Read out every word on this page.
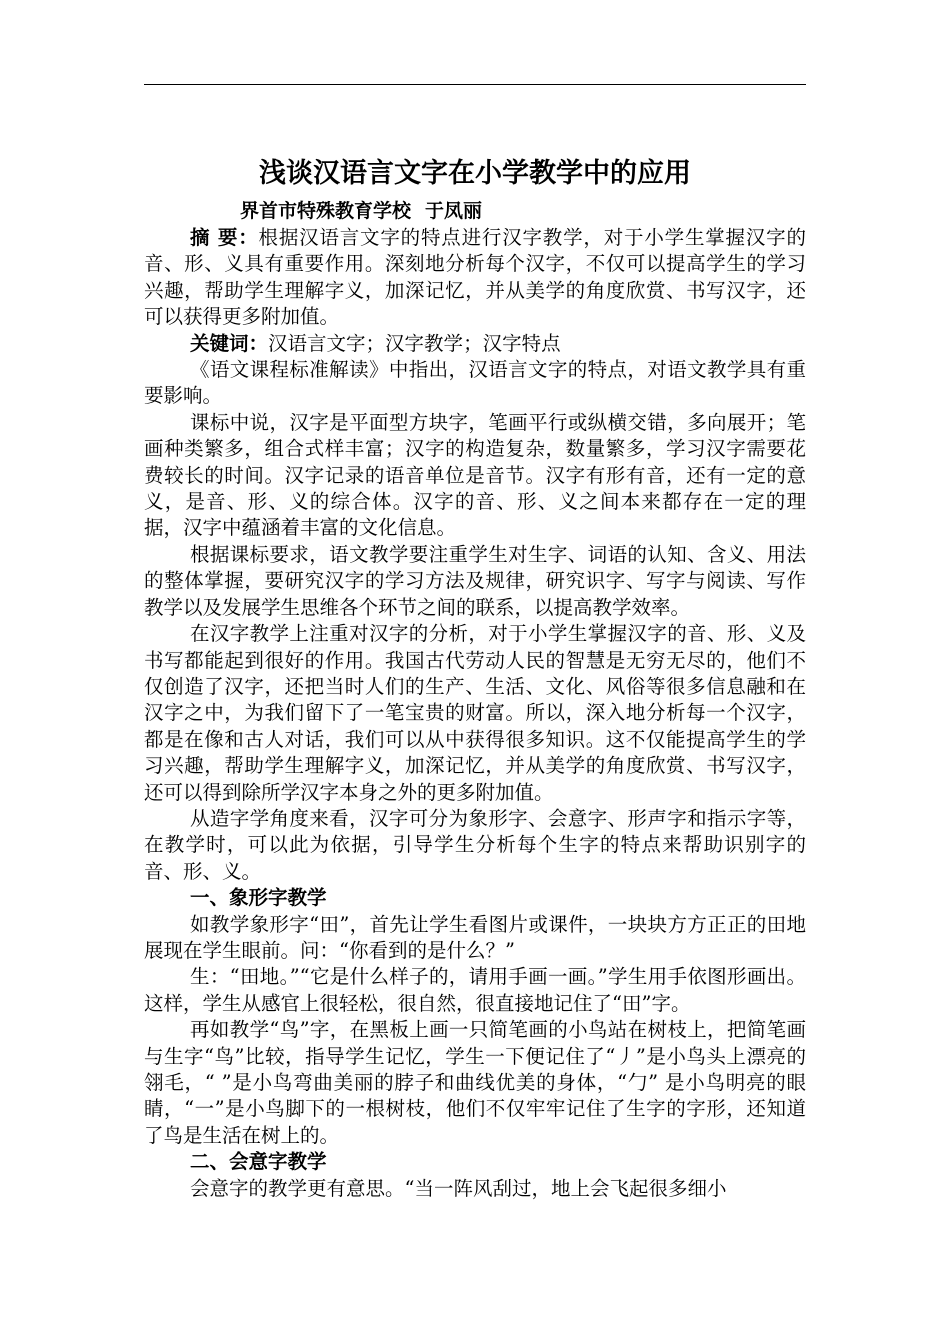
浅谈汉语言文字在小学教学中的应用

界首市特殊教育学校 于凤丽

摘 要：根据汉语言文字的特点进行汉字教学，对于小学生掌握汉字的音、形、义具有重要作用。深刻地分析每个汉字，不仅可以提高学生的学习兴趣，帮助学生理解字义，加深记忆，并从美学的角度欣赏、书写汉字，还可以获得更多附加值。

关键词：汉语言文字；汉字教学；汉字特点

《语文课程标准解读》中指出，汉语言文字的特点，对语文教学具有重要影响。

课标中说，汉字是平面型方块字，笔画平行或纵横交错，多向展开；笔画种类繁多，组合式样丰富；汉字的构造复杂，数量繁多，学习汉字需要花费较长的时间。汉字记录的语音单位是音节。汉字有形有音，还有一定的意义，是音、形、义的综合体。汉字的音、形、义之间本来都存在一定的理据，汉字中蕴涵着丰富的文化信息。

根据课标要求，语文教学要注重学生对生字、词语的认知、含义、用法的整体掌握，要研究汉字的学习方法及规律，研究识字、写字与阅读、写作教学以及发展学生思维各个环节之间的联系，以提高教学效率。

在汉字教学上注重对汉字的分析，对于小学生掌握汉字的音、形、义及书写都能起到很好的作用。我国古代劳动人民的智慧是无穷无尽的，他们不仅创造了汉字，还把当时人们的生产、生活、文化、风俗等很多信息融和在汉字之中，为我们留下了一笔宝贵的财富。所以，深入地分析每一个汉字，都是在像和古人对话，我们可以从中获得很多知识。这不仅能提高学生的学习兴趣，帮助学生理解字义，加深记忆，并从美学的角度欣赏、书写汉字，还可以得到除所学汉字本身之外的更多附加值。

从造字学角度来看，汉字可分为象形字、会意字、形声字和指示字等，在教学时，可以此为依据，引导学生分析每个生字的特点来帮助识别字的音、形、义。

一、象形字教学

如教学象形字“田”，首先让学生看图片或课件，一块块方方正正的田地展现在学生眼前。问：“你看到的是什么？”

生：“田地。”“它是什么样子的，请用手画一画。”学生用手依图形画出。这样，学生从感官上很轻松，很自然，很直接地记住了“田”字。

再如教学“鸟”字，在黑板上画一只简笔画的小鸟站在树枝上，把简笔画与生字“鸟”比较，指导学生记忆，学生一下便记住了“丿”是小鸟头上漂亮的翎毛，“ ”是小鸟弯曲美丽的脖子和曲线优美的身体，“勹” 是小鸟明亮的眼睛，“一”是小鸟脚下的一根树枝，他们不仅牢牢记住了生字的字形，还知道了鸟是生活在树上的。

二、会意字教学

会意字的教学更有意思。“当一阵风刮过，地上会飞起很多细小
